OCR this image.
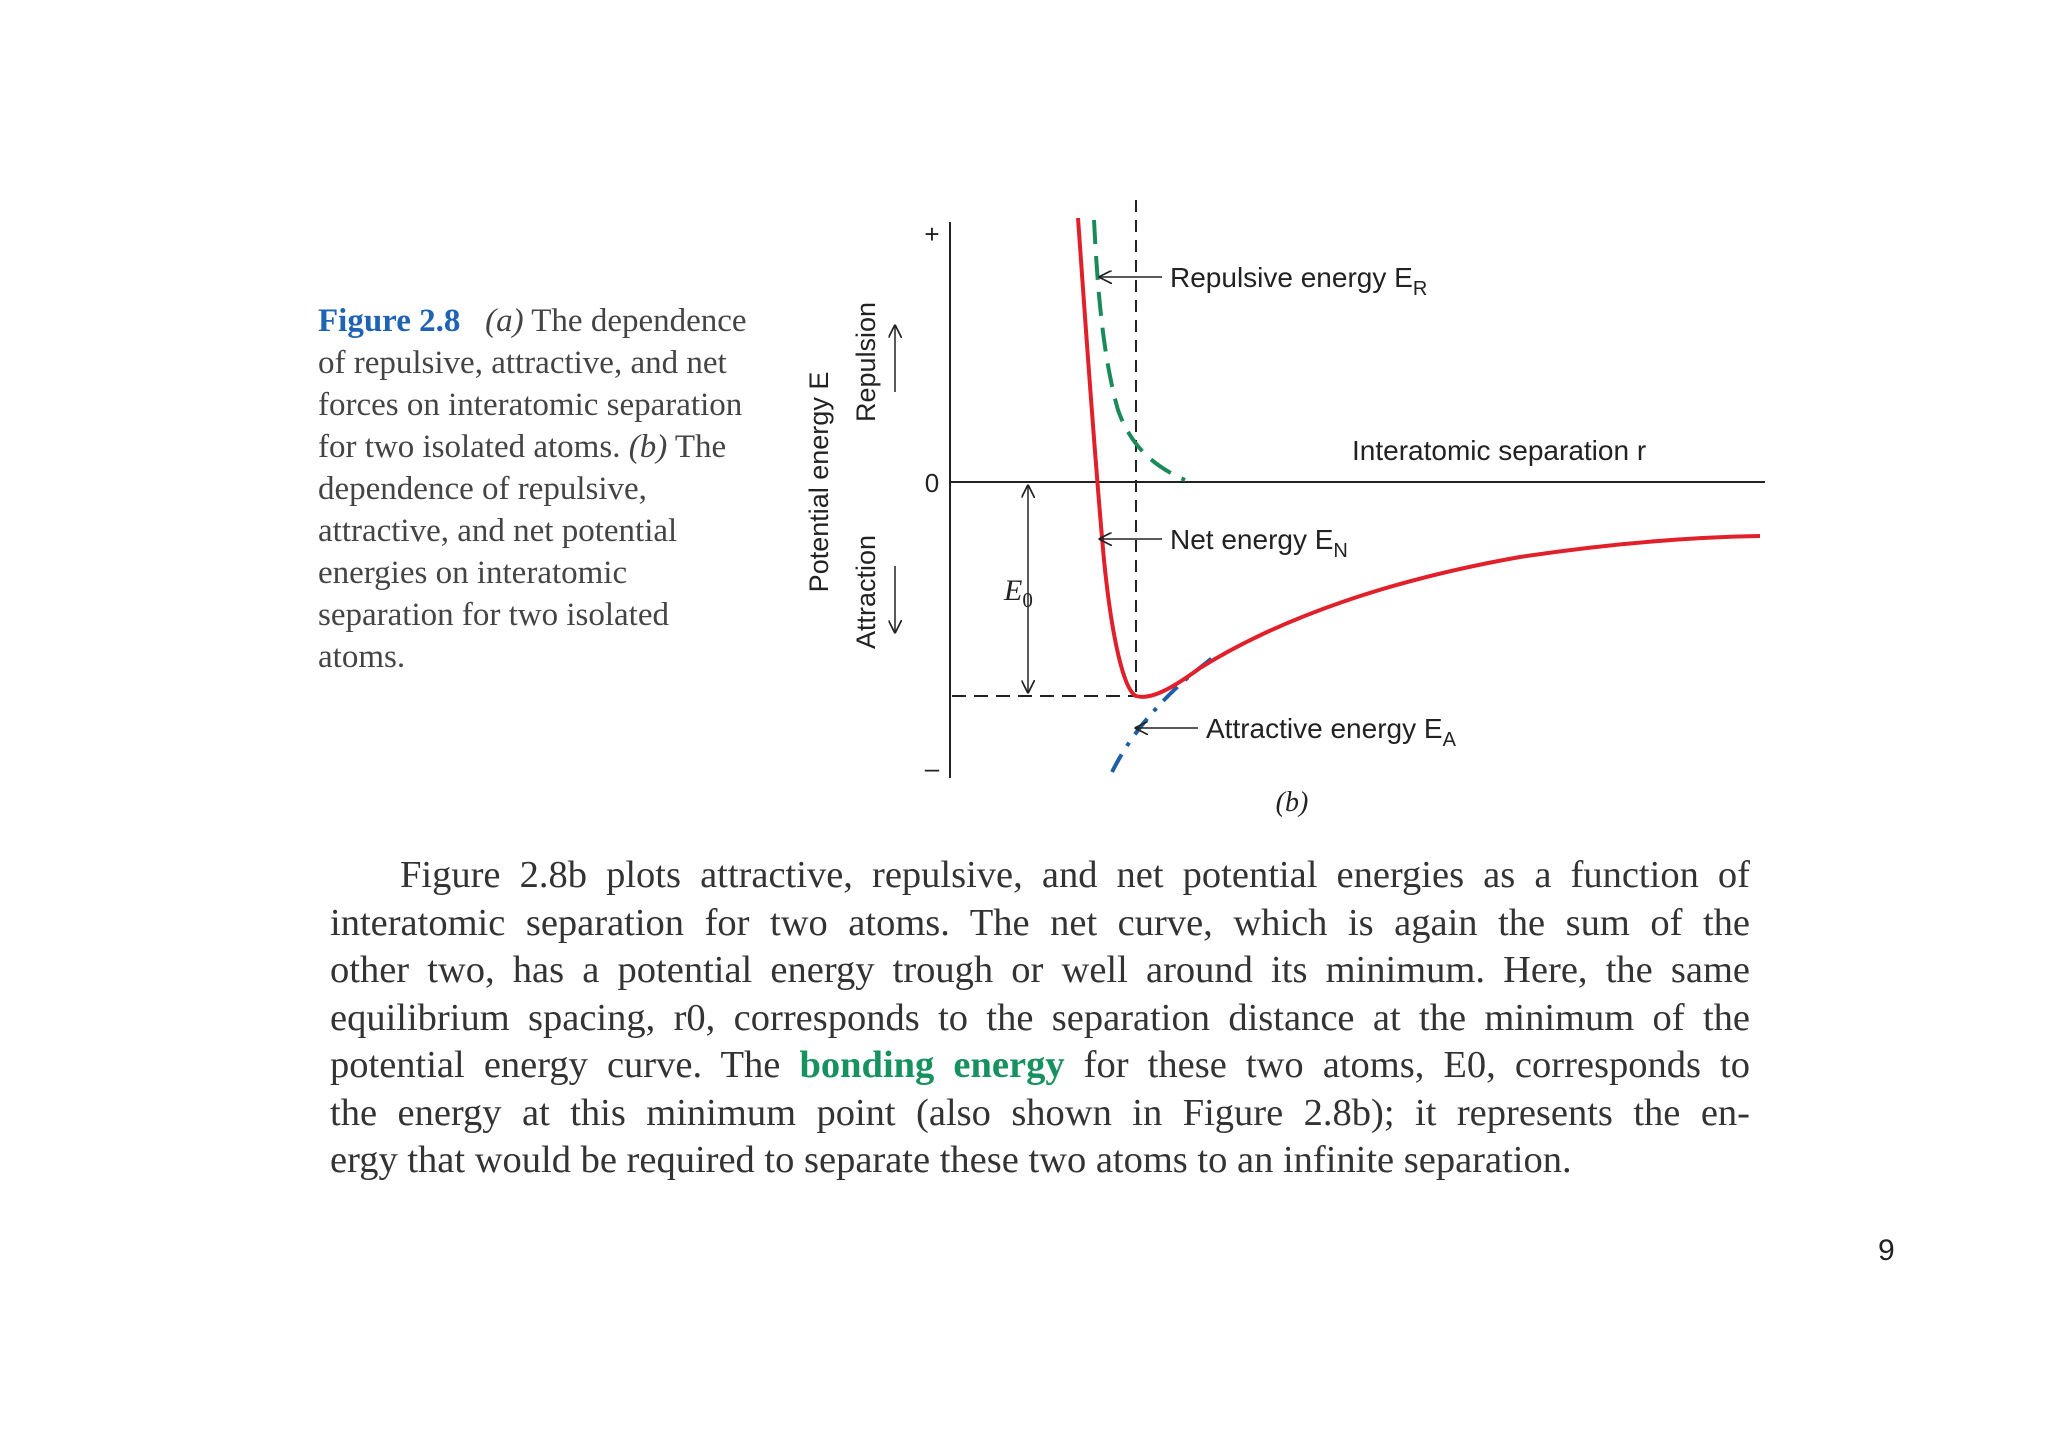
Figure 2.8 (a) The dependence of repulsive, attractive, and net forces on interatomic separation for two isolated atoms. (b) The dependence of repulsive, attractive, and net potential energies on interatomic separation for two isolated atoms.
+
0
–
Potential energy E
Repulsion
Attraction
Interatomic separation r
Repulsive energy $E_R$
Net energy $E_N$
Attractive energy $E_A$
$E_0$
(b)
Figure 2.8b plots attractive, repulsive, and net potential energies as a function of
interatomic separation for two atoms. The net curve, which is again the sum of the
other two, has a potential energy trough or well around its minimum. Here, the same
equilibrium spacing, r0, corresponds to the separation distance at the minimum of the
potential energy curve. The bonding energy for these two atoms, E0, corresponds to
the energy at this minimum point (also shown in Figure 2.8b); it represents the en-
ergy that would be required to separate these two atoms to an infinite separation.
9
